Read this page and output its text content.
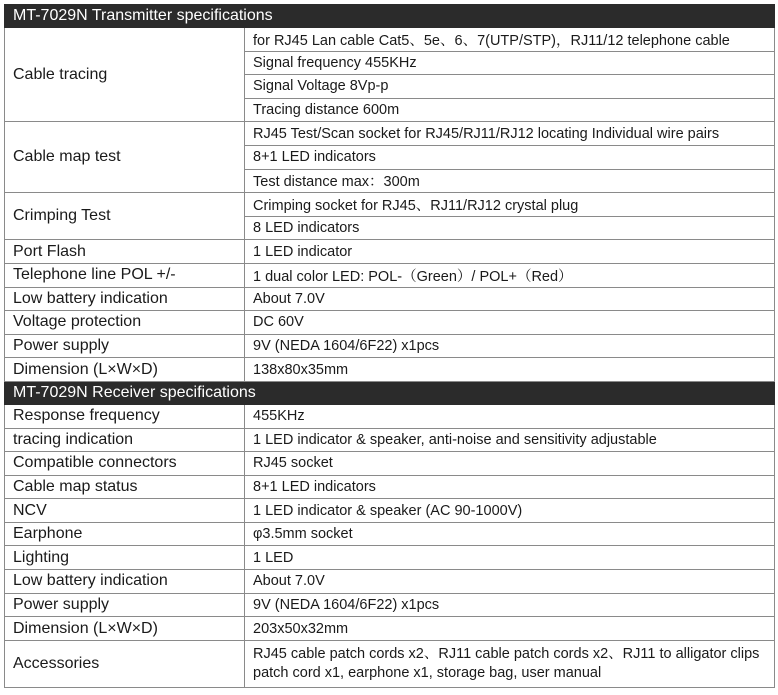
MT-7029N Transmitter specifications	
Cable tracing	for RJ45 Lan cable Cat5、5e、6、7(UTP/STP)，RJ11/12 telephone cable
	Signal frequency 455KHz
	Signal Voltage 8Vp-p
	Tracing distance 600m
Cable map test	RJ45 Test/Scan socket for RJ45/RJ11/RJ12 locating Individual wire pairs
	8+1 LED indicators
	Test distance max：300m
Crimping Test	Crimping socket for RJ45、RJ11/RJ12 crystal plug
	8 LED indicators
Port Flash	1 LED indicator
Telephone line POL +/-	1 dual color LED: POL-（Green）/ POL+（Red）
Low battery indication	About 7.0V
Voltage protection	DC 60V
Power supply	9V (NEDA 1604/6F22) x1pcs
Dimension (L×W×D)	138x80x35mm
MT-7029N Receiver specifications	
Response frequency	455KHz
tracing indication	1 LED indicator & speaker, anti-noise and sensitivity adjustable
Compatible connectors	RJ45 socket
Cable map status	8+1 LED indicators
NCV	1 LED indicator & speaker (AC 90-1000V)
Earphone	φ3.5mm socket
Lighting	1 LED
Low battery indication	About 7.0V
Power supply	9V (NEDA 1604/6F22) x1pcs
Dimension (L×W×D)	203x50x32mm
Accessories	RJ45 cable patch cords x2、RJ11 cable patch cords x2、RJ11 to alligator clips patch cord x1, earphone x1, storage bag, user manual
